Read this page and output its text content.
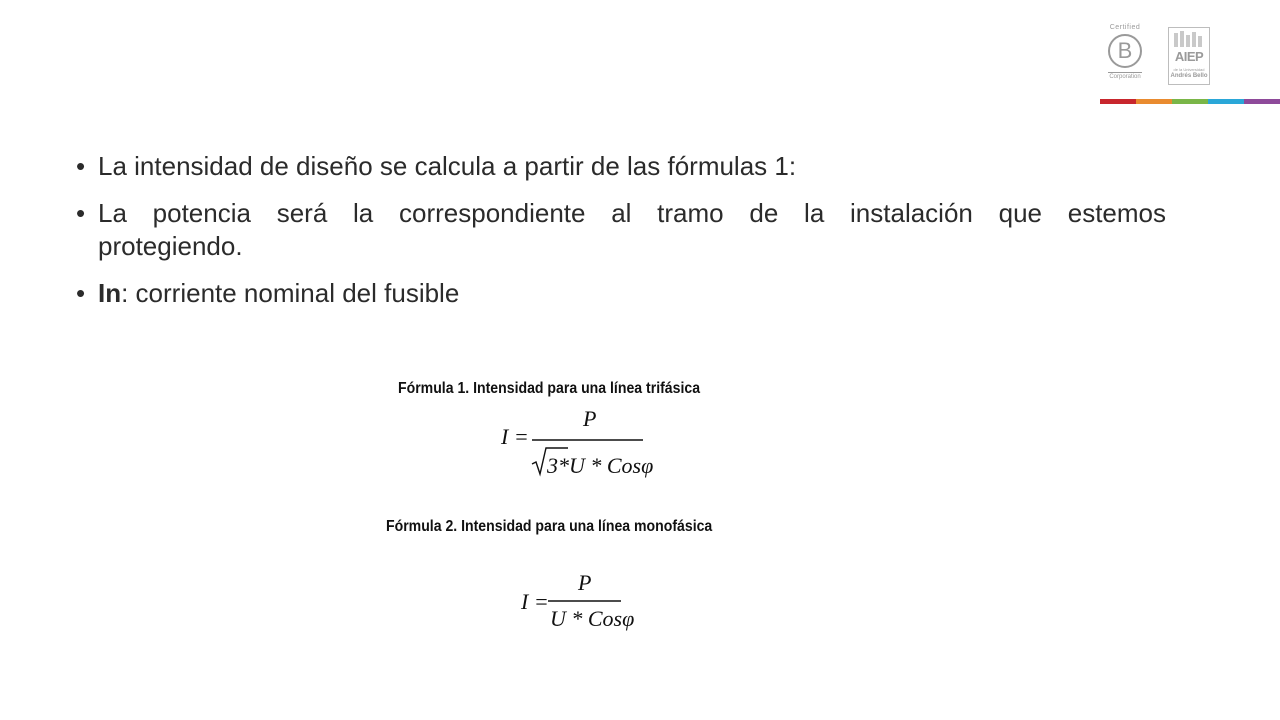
Certified
B
Corporation
AIEP
de la Universidad
Andrés Bello
• La intensidad de diseño se calcula a partir de las fórmulas 1:
• La potencia será la correspondiente al tramo de la instalación que estemos
protegiendo.
• In: corriente nominal del fusible
Fórmula 1. Intensidad para una línea trifásica
I =
P
3*U * Cosφ
I =
P
U * Cosφ
Fórmula 2. Intensidad para una línea monofásica
